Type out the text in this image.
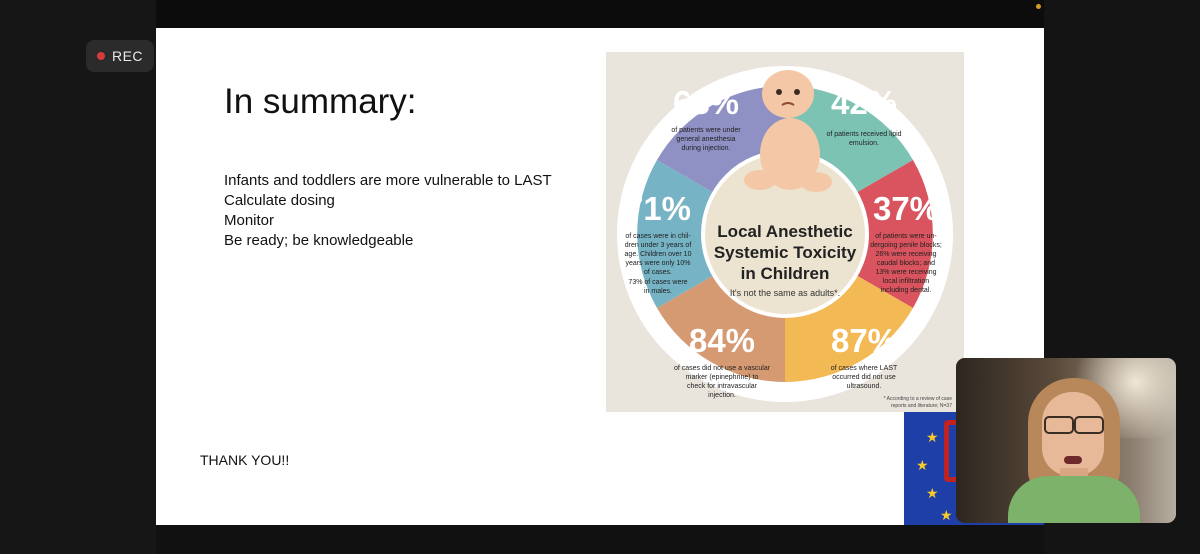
REC
In summary:
Infants and toddlers are more vulnerable to LAST
Calculate dosing
Monitor
Be ready; be knowledgeable
THANK YOU!!
Local Anesthetic
Systemic Toxicity
in Children
It's not the same as adults*.
68%
of patients were under
general anesthesia
during injection.
42%
of patients received lipid
emulsion.
37%
of patients were un-
dergoing penile blocks;
26% were receiving
caudal blocks; and
13% were receiving
local infiltration
including dental.
87%
of cases where LAST
occurred did not use
ultrasound.
84%
of cases did not use a vascular
marker (epinephrine) to
check for intravascular
injection.
71%
of cases were in chil-
dren under 3 years of
age. Children over 10
years were only 10%
of cases.
73% of cases were
in males.
* According to a review of case
reports and literature; N=37
★
★
★
★
